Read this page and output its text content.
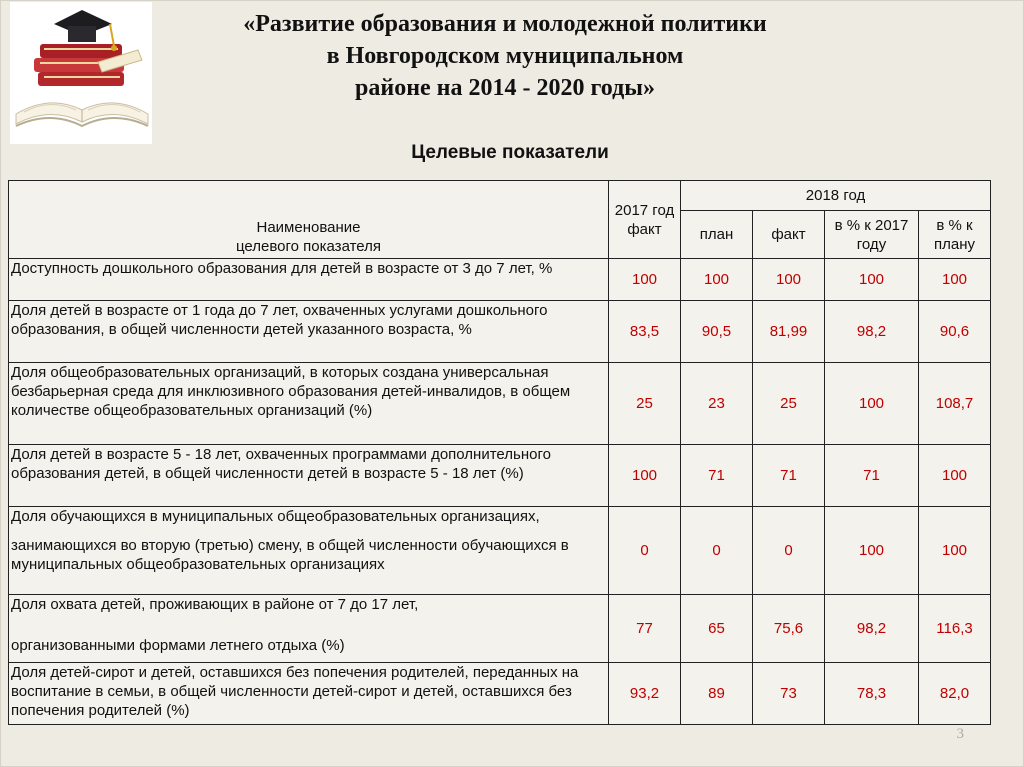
«Развитие образования и молодежной политики
в Новгородском муниципальном
районе на 2014 - 2020 годы»
Целевые показатели
Наименование
целевого показателя	2017 год факт	2018 год			
		план	факт	в % к 2017 году	в % к плану
Доступность дошкольного образования для детей в возрасте от 3 до 7 лет, %	100	100	100	100	100
Доля детей в возрасте от 1 года до 7 лет, охваченных услугами дошкольного образования, в общей численности детей указанного возраста, %	83,5	90,5	81,99	98,2	90,6
Доля общеобразовательных организаций, в которых создана универсальная безбарьерная среда для инклюзивного образования детей-инвалидов, в общем количестве общеобразовательных организаций (%)	25	23	25	100	108,7
Доля детей в возрасте 5 - 18 лет, охваченных программами дополнительного образования детей, в общей численности детей в возрасте 5 - 18 лет (%)	100	71	71	71	100
Доля обучающихся в муниципальных общеобразовательных организациях,
занимающихся во вторую (третью) смену, в общей численности обучающихся в муниципальных общеобразовательных организациях	0	0	0	100	100
Доля охвата детей, проживающих в районе от 7 до 17 лет,
организованными формами летнего отдыха (%)	77	65	75,6	98,2	116,3
Доля детей-сирот и детей, оставшихся без попечения родителей, переданных на воспитание в семьи, в общей численности детей-сирот и детей, оставшихся без попечения родителей (%)	93,2	89	73	78,3	82,0
3
